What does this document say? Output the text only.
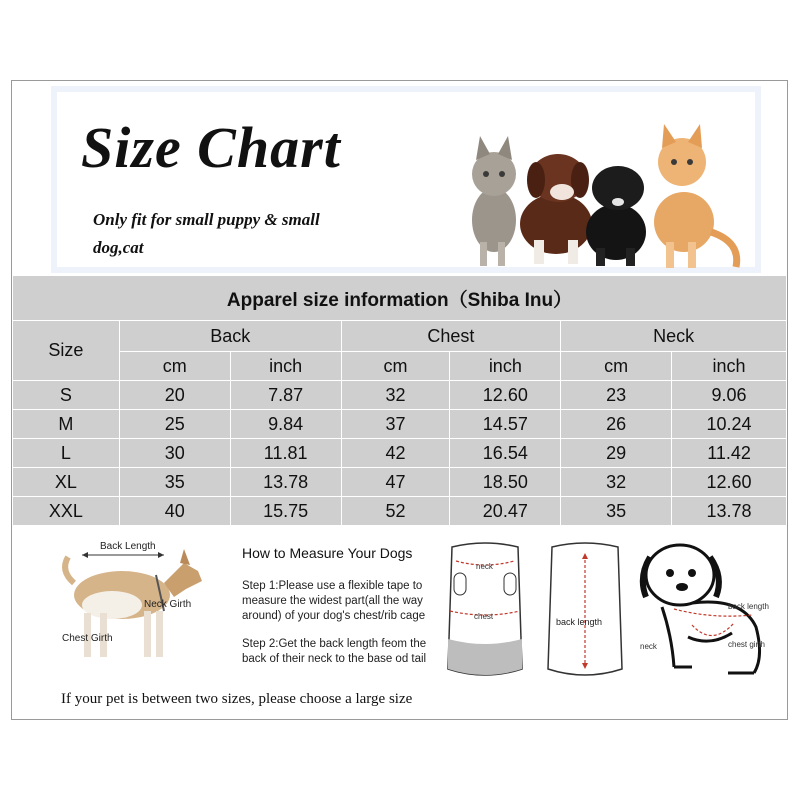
Size Chart
Only fit for small puppy & small
dog,cat
Apparel size information（Shiba Inu）						
Size	Back		Chest		Neck	
	cm	inch	cm	inch	cm	inch
S	20	7.87	32	12.60	23	9.06
M	25	9.84	37	14.57	26	10.24
L	30	11.81	42	16.54	29	11.42
XL	35	13.78	47	18.50	32	12.60
XXL	40	15.75	52	20.47	35	13.78
Back Length
Neck Girth
Chest Girth
How to Measure Your Dogs
Step 1:Please use a flexible tape to
measure the widest part(all the way
around) of your dog's chest/rib cage
Step 2:Get the back length feom the
back of their neck to the base od tail
neck
chest
back length
back length
neck	chest girth
If your pet is between two sizes, please choose a large size
